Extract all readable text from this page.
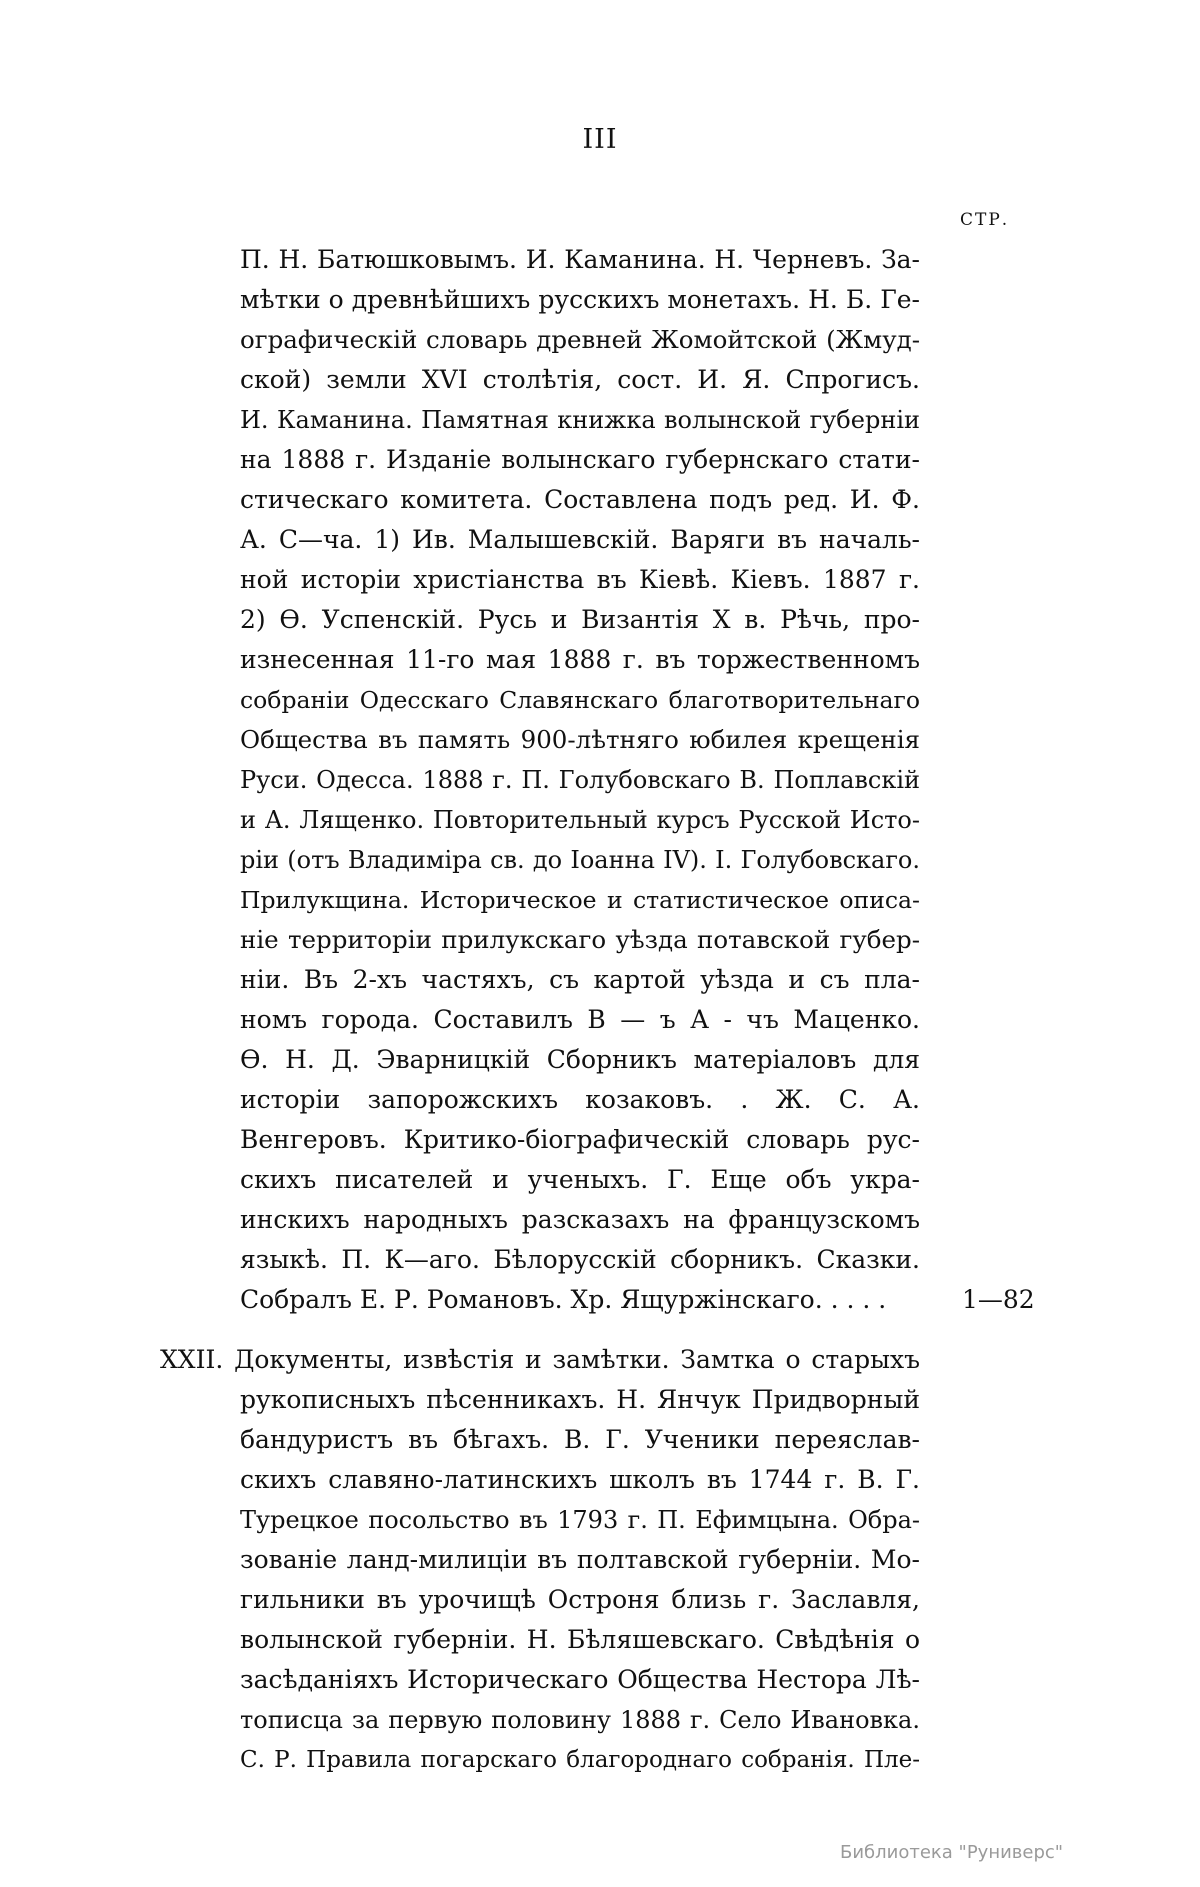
III
СТР.
П. Н. Батюшковымъ. И. Каманина. Н. Черневъ. За-
мѣтки о древнѣйшихъ русскихъ монетахъ. Н. Б. Ге-
ографическій словарь древней Жомойтской (Жмуд-
ской) земли XVI столѣтія, сост. И. Я. Спрогисъ.
И. Каманина. Памятная книжка волынской губерніи
на 1888 г. Изданіе волынскаго губернскаго стати-
стическаго комитета. Составлена подъ ред. И. Ф.
А. С—ча. 1) Ив. Малышевскій. Варяги въ началь-
ной исторіи христіанства въ Кіевѣ. Кіевъ. 1887 г.
2) Ѳ. Успенскій. Русь и Византія X в. Рѣчь, про-
изнесенная 11-го мая 1888 г. въ торжественномъ
собраніи Одесскаго Славянскаго благотворительнаго
Общества въ память 900-лѣтняго юбилея крещенія
Руси. Одесса. 1888 г. П. Голубовскаго В. Поплавскій
и А. Лященко. Повторительный курсъ Русской Исто-
ріи (отъ Владиміра св. до Іоанна IV). І. Голубовскаго.
Прилукщина. Историческое и статистическое описа-
ніе территоріи прилукскаго уѣзда потавской губер-
ніи. Въ 2-хъ частяхъ, съ картой уѣзда и съ пла-
номъ города. Составилъ В — ъ А - чъ Маценко.
Ѳ. Н. Д. Эварницкій Сборникъ матеріаловъ для
исторіи запорожскихъ козаковъ. . Ж. С. А.
Венгеровъ. Критико-біографическій словарь рус-
скихъ писателей и ученыхъ. Г. Еще объ укра-
инскихъ народныхъ разсказахъ на французскомъ
языкѣ. П. К—аго. Бѣлорусскій сборникъ. Сказки.
Собралъ Е. Р. Романовъ. Хр. Ящуржінскаго. . . . .	1—82
XXII. Документы, извѣстія и замѣтки. Замтка о старыхъ
рукописныхъ пѣсенникахъ. Н. Янчук Придворный
бандуристъ въ бѣгахъ. В. Г. Ученики переяслав-
скихъ славяно-латинскихъ школъ въ 1744 г. В. Г.
Турецкое посольство въ 1793 г. П. Ефимцына. Обра-
зованіе ланд-милиціи въ полтавской губерніи. Мо-
гильники въ урочищѣ Остроня близь г. Заславля,
волынской губерніи. Н. Бѣляшевскаго. Свѣдѣнія о
засѣданіяхъ Историческаго Общества Нестора Лѣ-
тописца за первую половину 1888 г. Село Ивановка.
С. Р. Правила погарскаго благороднаго собранія. Пле-
Библиотека "Руниверс"
